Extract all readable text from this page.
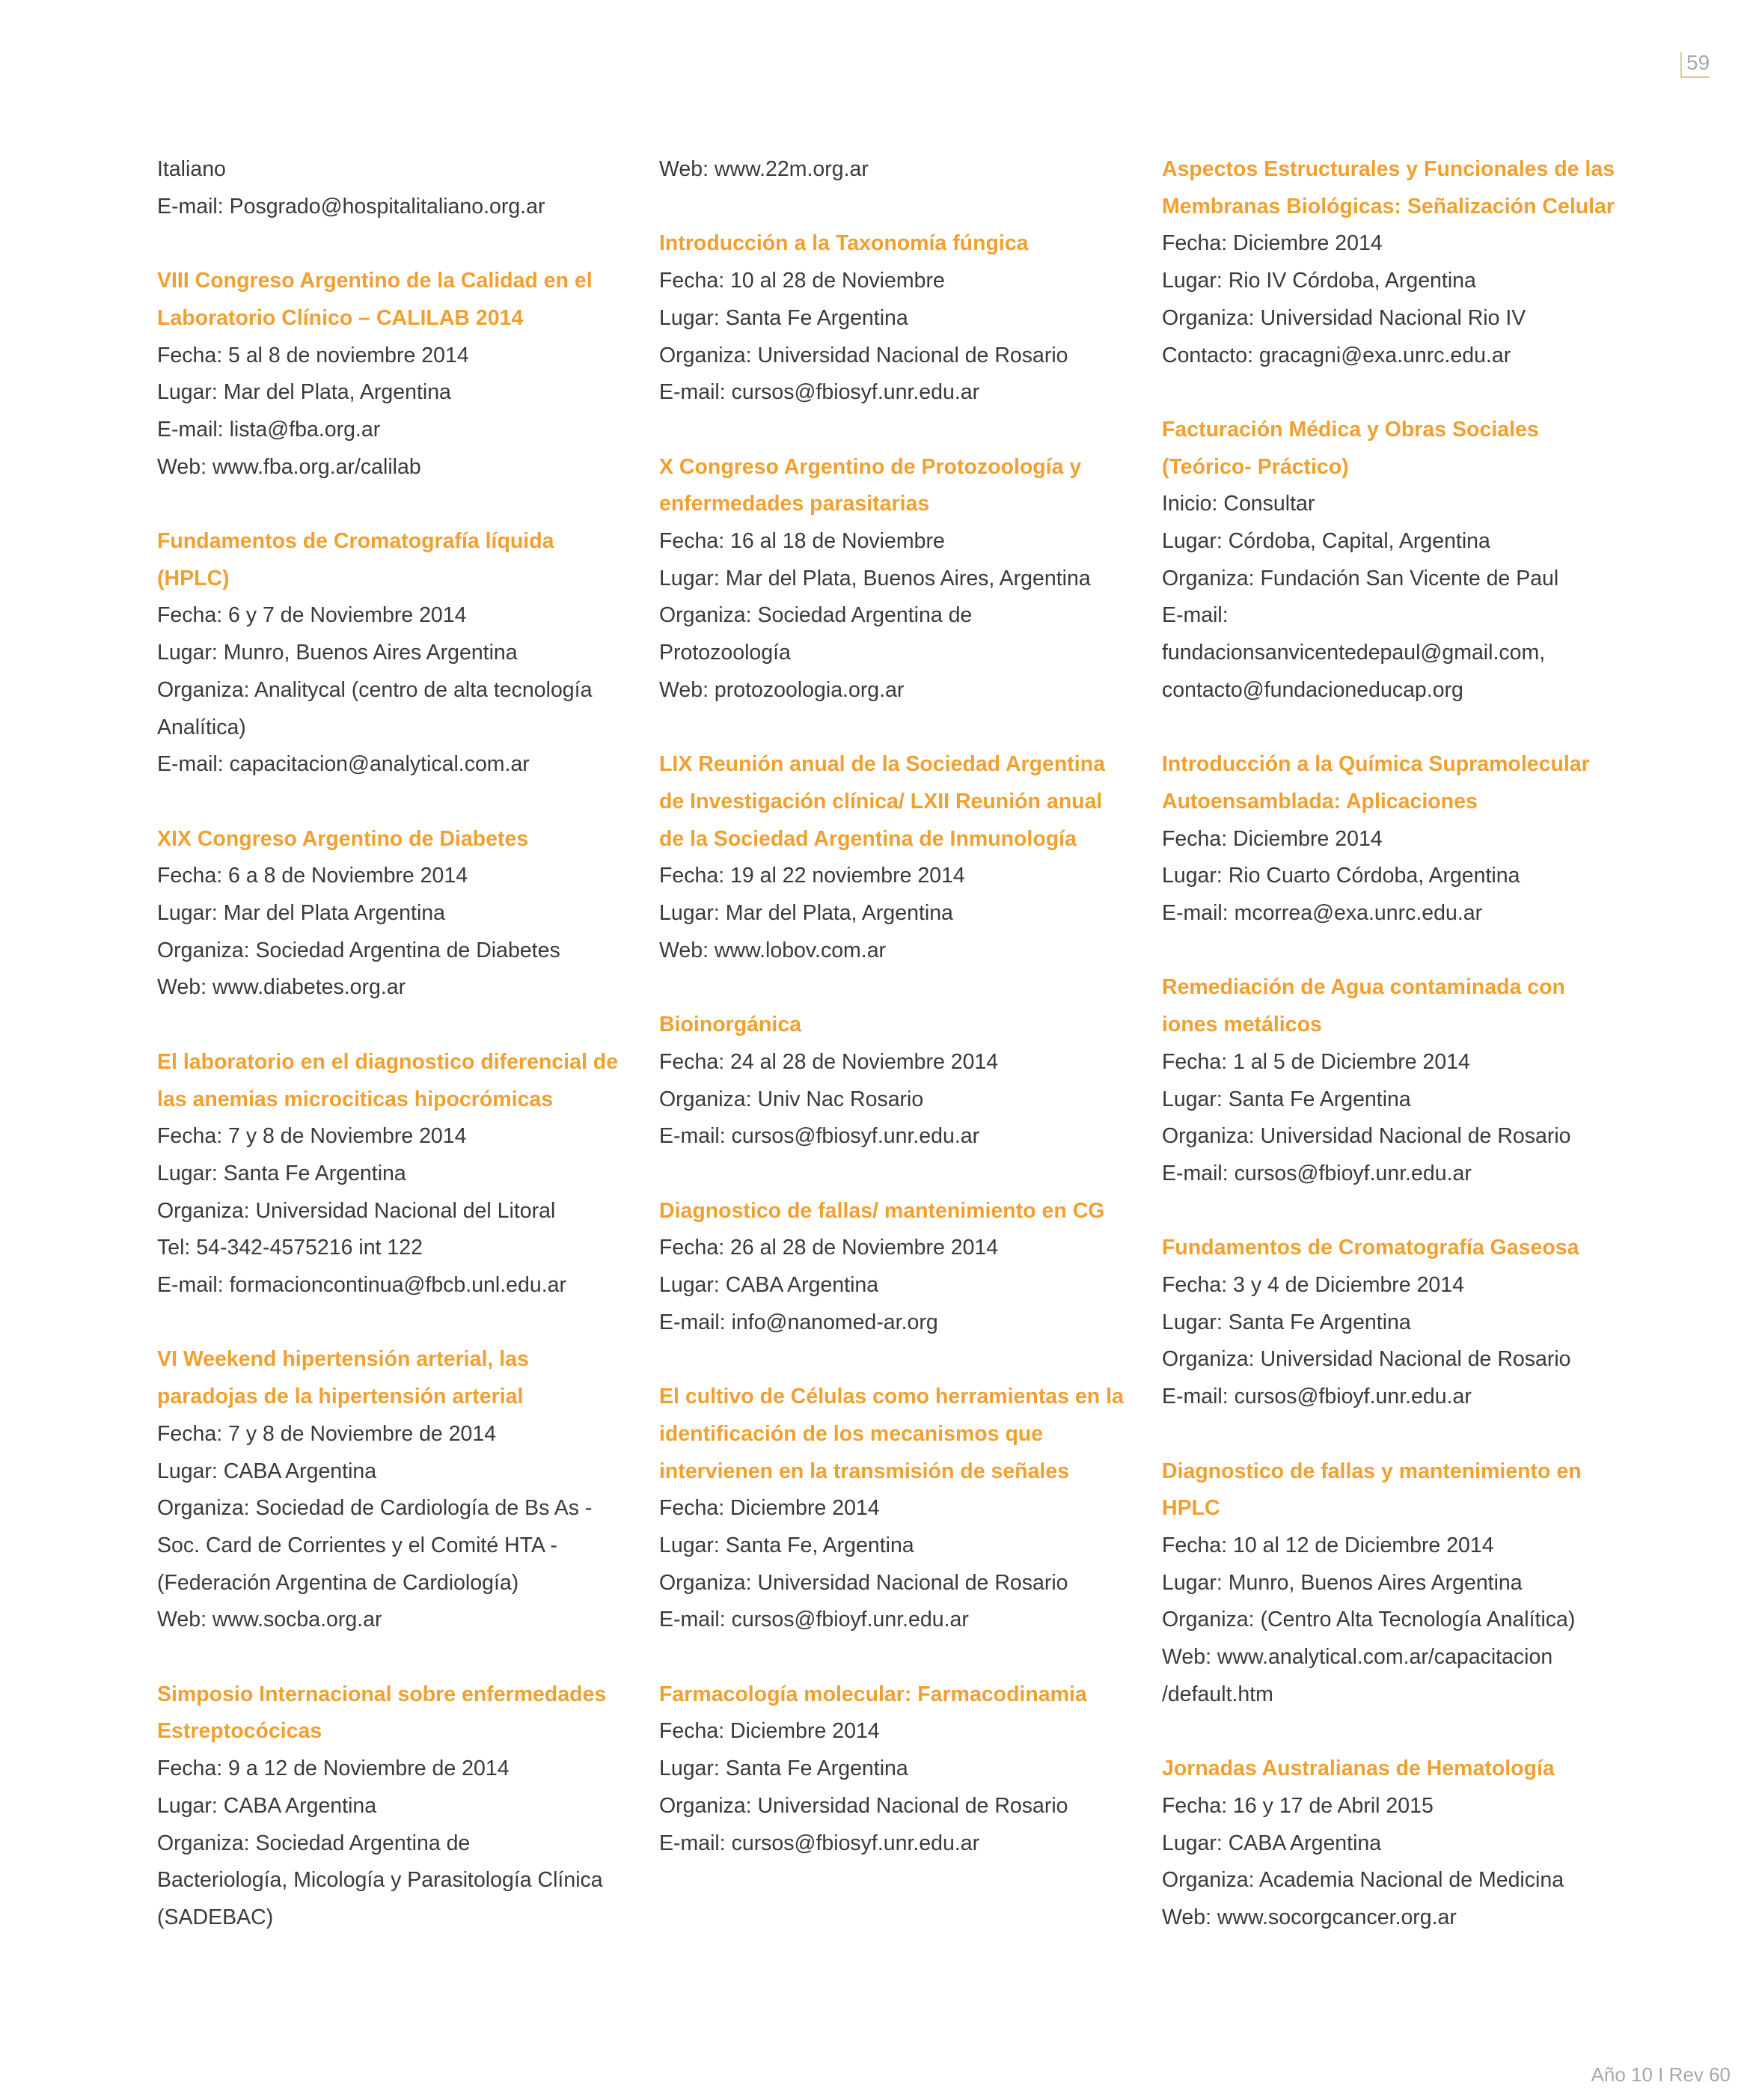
59
Italiano
E-mail: Posgrado@hospitalitaliano.org.ar
VIII Congreso Argentino de la Calidad en el
Laboratorio Clínico – CALILAB 2014
Fecha: 5 al 8 de noviembre 2014
Lugar: Mar del Plata, Argentina
E-mail: lista@fba.org.ar
Web: www.fba.org.ar/calilab
Fundamentos de Cromatografía líquida
(HPLC)
Fecha: 6 y 7 de Noviembre 2014
Lugar: Munro, Buenos Aires Argentina
Organiza: Analitycal (centro de alta tecnología
Analítica)
E-mail: capacitacion@analytical.com.ar
XIX Congreso Argentino de Diabetes
Fecha: 6 a 8 de Noviembre 2014
Lugar: Mar del Plata Argentina
Organiza: Sociedad Argentina de Diabetes
Web: www.diabetes.org.ar
El laboratorio en el diagnostico diferencial de
las anemias microciticas hipocrómicas
Fecha: 7 y 8 de Noviembre 2014
Lugar: Santa Fe Argentina
Organiza: Universidad Nacional del Litoral
Tel: 54-342-4575216 int 122
E-mail: formacioncontinua@fbcb.unl.edu.ar
VI Weekend hipertensión arterial, las
paradojas de la hipertensión arterial
Fecha: 7 y 8 de Noviembre de 2014
Lugar: CABA Argentina
Organiza: Sociedad de Cardiología de Bs As -
Soc. Card de Corrientes y el Comité HTA -
(Federación Argentina de Cardiología)
Web: www.socba.org.ar
Simposio Internacional sobre enfermedades
Estreptocócicas
Fecha: 9 a 12 de Noviembre de 2014
Lugar: CABA Argentina
Organiza: Sociedad Argentina de
Bacteriología, Micología y Parasitología Clínica
(SADEBAC)
Web: www.22m.org.ar
Introducción a la Taxonomía fúngica
Fecha: 10 al 28 de Noviembre
Lugar: Santa Fe Argentina
Organiza: Universidad Nacional de Rosario
E-mail: cursos@fbiosyf.unr.edu.ar
X Congreso Argentino de Protozoología y
enfermedades parasitarias
Fecha: 16 al 18 de Noviembre
Lugar: Mar del Plata, Buenos Aires, Argentina
Organiza: Sociedad Argentina de
Protozoología
Web: protozoologia.org.ar
LIX Reunión anual de la Sociedad Argentina
de Investigación clínica/ LXII Reunión anual
de la Sociedad Argentina de Inmunología
Fecha: 19 al 22 noviembre 2014
Lugar: Mar del Plata, Argentina
Web: www.lobov.com.ar
Bioinorgánica
Fecha: 24 al 28 de Noviembre 2014
Organiza: Univ Nac Rosario
E-mail: cursos@fbiosyf.unr.edu.ar
Diagnostico de fallas/ mantenimiento en CG
Fecha: 26 al 28 de Noviembre 2014
Lugar: CABA Argentina
E-mail: info@nanomed-ar.org
El cultivo de Células como herramientas en la
identificación de los mecanismos que
intervienen en la transmisión de señales
Fecha: Diciembre 2014
Lugar: Santa Fe, Argentina
Organiza: Universidad Nacional de Rosario
E-mail: cursos@fbioyf.unr.edu.ar
Farmacología molecular: Farmacodinamia
Fecha: Diciembre 2014
Lugar: Santa Fe Argentina
Organiza: Universidad Nacional de Rosario
E-mail: cursos@fbiosyf.unr.edu.ar
Aspectos Estructurales y Funcionales de las
Membranas Biológicas: Señalización Celular
Fecha: Diciembre 2014
Lugar: Rio IV Córdoba, Argentina
Organiza: Universidad Nacional Rio IV
Contacto: gracagni@exa.unrc.edu.ar
Facturación Médica y Obras Sociales
(Teórico- Práctico)
Inicio: Consultar
Lugar: Córdoba, Capital, Argentina
Organiza: Fundación San Vicente de Paul
E-mail:
fundacionsanvicentedepaul@gmail.com,
contacto@fundacioneducap.org
Introducción a la Química Supramolecular
Autoensamblada: Aplicaciones
Fecha: Diciembre 2014
Lugar: Rio Cuarto Córdoba, Argentina
E-mail: mcorrea@exa.unrc.edu.ar
Remediación de Agua contaminada con
iones metálicos
Fecha: 1 al 5 de Diciembre 2014
Lugar: Santa Fe Argentina
Organiza: Universidad Nacional de Rosario
E-mail: cursos@fbioyf.unr.edu.ar
Fundamentos de Cromatografía Gaseosa
Fecha: 3 y 4 de Diciembre 2014
Lugar: Santa Fe Argentina
Organiza: Universidad Nacional de Rosario
E-mail: cursos@fbioyf.unr.edu.ar
Diagnostico de fallas y mantenimiento en
HPLC
Fecha: 10 al 12 de Diciembre 2014
Lugar: Munro, Buenos Aires Argentina
Organiza: (Centro Alta Tecnología Analítica)
Web: www.analytical.com.ar/capacitacion
/default.htm
Jornadas Australianas de Hematología
Fecha: 16 y 17 de Abril 2015
Lugar: CABA Argentina
Organiza: Academia Nacional de Medicina
Web: www.socorgcancer.org.ar
Año 10 I Rev 60
